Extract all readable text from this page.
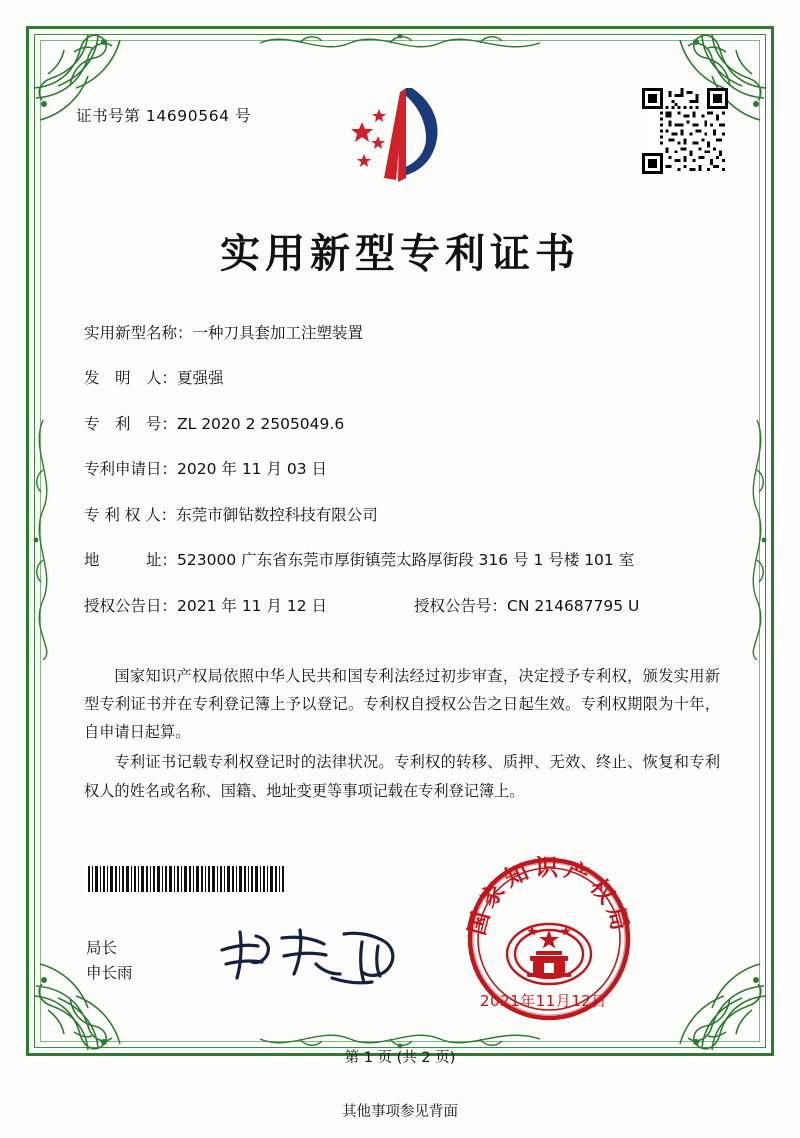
证书号第 14690564 号
实用新型专利证书
实用新型名称： 一种刀具套加工注塑装置
发　明　人： 夏强强
专　利　号： ZL 2020 2 2505049.6
专利申请日： 2020 年 11 月 03 日
专 利 权 人： 东莞市御钻数控科技有限公司
地　　　址： 523000 广东省东莞市厚街镇莞太路厚街段 316 号 1 号楼 101 室
授权公告日： 2021 年 11 月 12 日	授权公告号： CN 214687795 U

国家知识产权局依照中华人民共和国专利法经过初步审查，决定授予专利权，颁发实用新型专利证书并在专利登记簿上予以登记。专利权自授权公告之日起生效。专利权期限为十年，自申请日起算。

专利证书记载专利权登记时的法律状况。专利权的转移、质押、无效、终止、恢复和专利权人的姓名或名称、国籍、地址变更等事项记载在专利登记簿上。

局长
申长雨
国家知识产权局
2021年11月12日
第 1 页 (共 2 页)
其他事项参见背面
